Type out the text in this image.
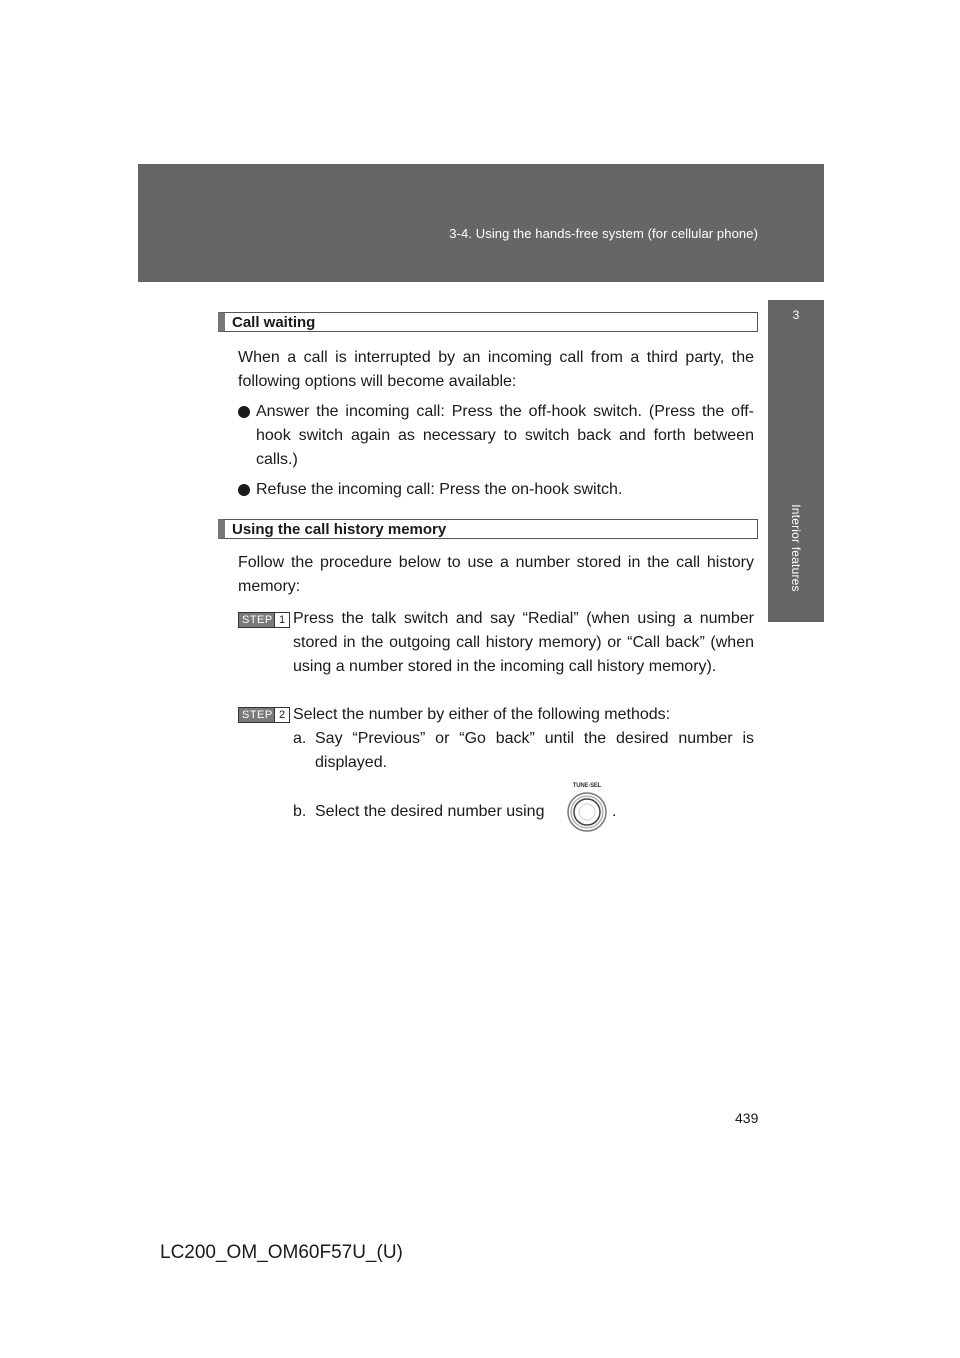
3-4. Using the hands-free system (for cellular phone)
3
Interior features
Call waiting

When a call is interrupted by an incoming call from a third party, the following options will become available:

Answer the incoming call: Press the off-hook switch. (Press the off-hook switch again as necessary to switch back and forth between calls.)

Refuse the incoming call: Press the on-hook switch.

Using the call history memory

Follow the procedure below to use a number stored in the call history memory:

STEP 1 Press the talk switch and say “Redial” (when using a number stored in the outgoing call history memory) or “Call back” (when using a number stored in the incoming call history memory).

STEP 2 Select the number by either of the following methods:

a. Say “Previous” or “Go back” until the desired number is displayed.

b. Select the desired number using
TUNE·SEL
.
439
LC200_OM_OM60F57U_(U)
